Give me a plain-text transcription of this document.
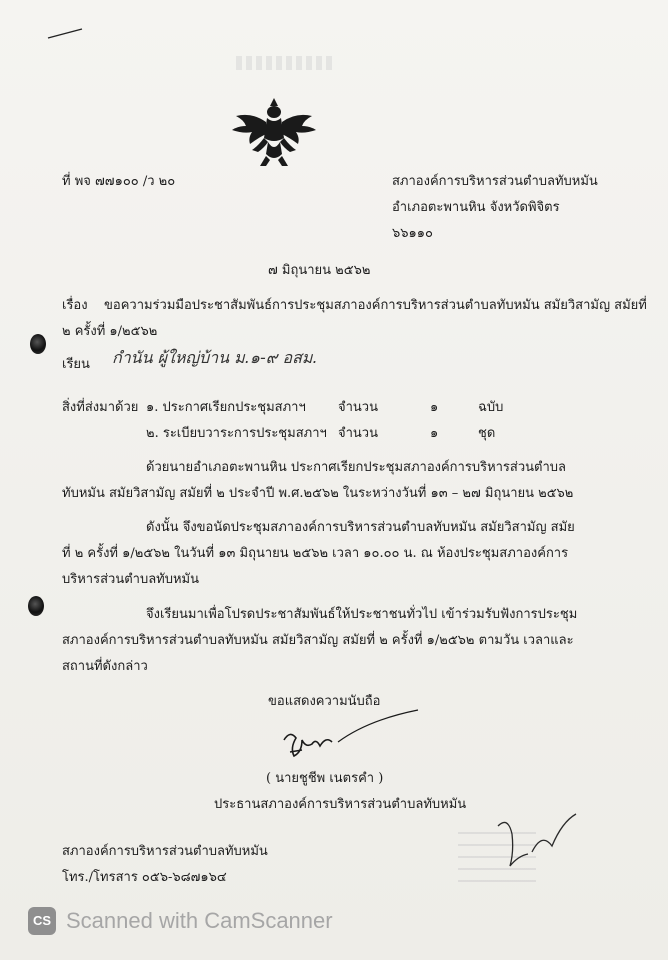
ที่ พจ ๗๗๑๐๐ /ว ๒๐	สภาองค์การบริหารส่วนตำบลทับหมัน
อำเภอตะพานหิน จังหวัดพิจิตร
๖๖๑๑๐
๗ มิถุนายน ๒๕๖๒
เรื่อง ขอความร่วมมือประชาสัมพันธ์การประชุมสภาองค์การบริหารส่วนตำบลทับหมัน สมัยวิสามัญ สมัยที่
๒ ครั้งที่ ๑/๒๕๖๒
เรียน กำนัน ผู้ใหญ่บ้าน ม.๑-๙ อสม.
สิ่งที่ส่งมาด้วย ๑. ประกาศเรียกประชุมสภาฯ จำนวน	๑	ฉบับ
๒. ระเบียบวาระการประชุมสภาฯ จำนวน	๑	ชุด
ด้วยนายอำเภอตะพานหิน ประกาศเรียกประชุมสภาองค์การบริหารส่วนตำบลทับหมัน สมัยวิสามัญ สมัยที่ ๒ ประจำปี พ.ศ.๒๕๖๒ ในระหว่างวันที่ ๑๓ – ๒๗ มิถุนายน ๒๕๖๒
ดังนั้น จึงขอนัดประชุมสภาองค์การบริหารส่วนตำบลทับหมัน สมัยวิสามัญ สมัยที่ ๒ ครั้งที่ ๑/๒๕๖๒ ในวันที่ ๑๓ มิถุนายน ๒๕๖๒ เวลา ๑๐.๐๐ น. ณ ห้องประชุมสภาองค์การบริหารส่วนตำบลทับหมัน
จึงเรียนมาเพื่อโปรดประชาสัมพันธ์ให้ประชาชนทั่วไป เข้าร่วมรับฟังการประชุมสภาองค์การบริหารส่วนตำบลทับหมัน สมัยวิสามัญ สมัยที่ ๒ ครั้งที่ ๑/๒๕๖๒ ตามวัน เวลาและสถานที่ดังกล่าว
ขอแสดงความนับถือ
( นายชูชีพ เนตรคำ )
ประธานสภาองค์การบริหารส่วนตำบลทับหมัน
สภาองค์การบริหารส่วนตำบลทับหมัน
โทร./โทรสาร ๐๕๖-๖๘๗๑๖๔
CS Scanned with CamScanner
